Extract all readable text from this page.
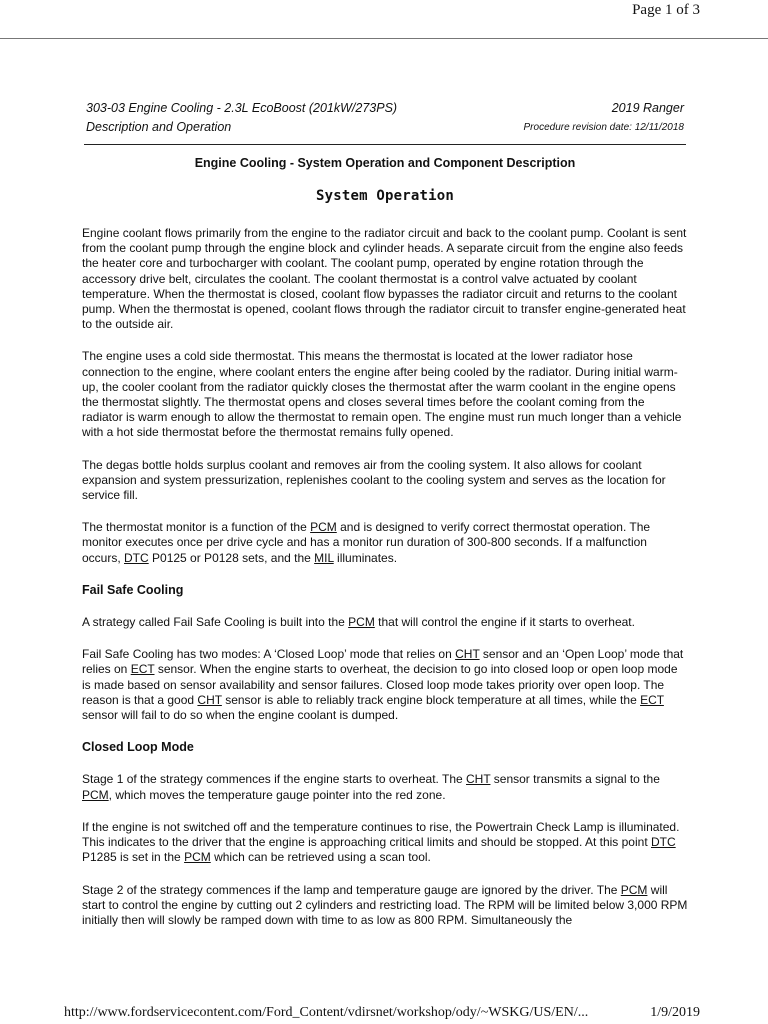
Page 1 of 3
303-03 Engine Cooling - 2.3L EcoBoost (201kW/273PS)	2019 Ranger
Description and Operation	Procedure revision date: 12/11/2018
Engine Cooling - System Operation and Component Description
System Operation

Engine coolant flows primarily from the engine to the radiator circuit and back to the coolant pump. Coolant is sent from the coolant pump through the engine block and cylinder heads. A separate circuit from the engine also feeds the heater core and turbocharger with coolant. The coolant pump, operated by engine rotation through the accessory drive belt, circulates the coolant. The coolant thermostat is a control valve actuated by coolant temperature. When the thermostat is closed, coolant flow bypasses the radiator circuit and returns to the coolant pump. When the thermostat is opened, coolant flows through the radiator circuit to transfer engine-generated heat to the outside air.

The engine uses a cold side thermostat. This means the thermostat is located at the lower radiator hose connection to the engine, where coolant enters the engine after being cooled by the radiator. During initial warm-up, the cooler coolant from the radiator quickly closes the thermostat after the warm coolant in the engine opens the thermostat slightly. The thermostat opens and closes several times before the coolant coming from the radiator is warm enough to allow the thermostat to remain open. The engine must run much longer than a vehicle with a hot side thermostat before the thermostat remains fully opened.

The degas bottle holds surplus coolant and removes air from the cooling system. It also allows for coolant expansion and system pressurization, replenishes coolant to the cooling system and serves as the location for service fill.

The thermostat monitor is a function of the PCM and is designed to verify correct thermostat operation. The monitor executes once per drive cycle and has a monitor run duration of 300-800 seconds. If a malfunction occurs, DTC P0125 or P0128 sets, and the MIL illuminates.

Fail Safe Cooling

A strategy called Fail Safe Cooling is built into the PCM that will control the engine if it starts to overheat.

Fail Safe Cooling has two modes: A ‘Closed Loop’ mode that relies on CHT sensor and an ‘Open Loop’ mode that relies on ECT sensor. When the engine starts to overheat, the decision to go into closed loop or open loop mode is made based on sensor availability and sensor failures. Closed loop mode takes priority over open loop. The reason is that a good CHT sensor is able to reliably track engine block temperature at all times, while the ECT sensor will fail to do so when the engine coolant is dumped.

Closed Loop Mode

Stage 1 of the strategy commences if the engine starts to overheat. The CHT sensor transmits a signal to the PCM, which moves the temperature gauge pointer into the red zone.

If the engine is not switched off and the temperature continues to rise, the Powertrain Check Lamp is illuminated. This indicates to the driver that the engine is approaching critical limits and should be stopped. At this point DTC P1285 is set in the PCM which can be retrieved using a scan tool.

Stage 2 of the strategy commences if the lamp and temperature gauge are ignored by the driver. The PCM will start to control the engine by cutting out 2 cylinders and restricting load. The RPM will be limited below 3,000 RPM initially then will slowly be ramped down with time to as low as 800 RPM. Simultaneously the

http://www.fordservicecontent.com/Ford_Content/vdirsnet/workshop/ody/~WSKG/US/EN/...	1/9/2019
